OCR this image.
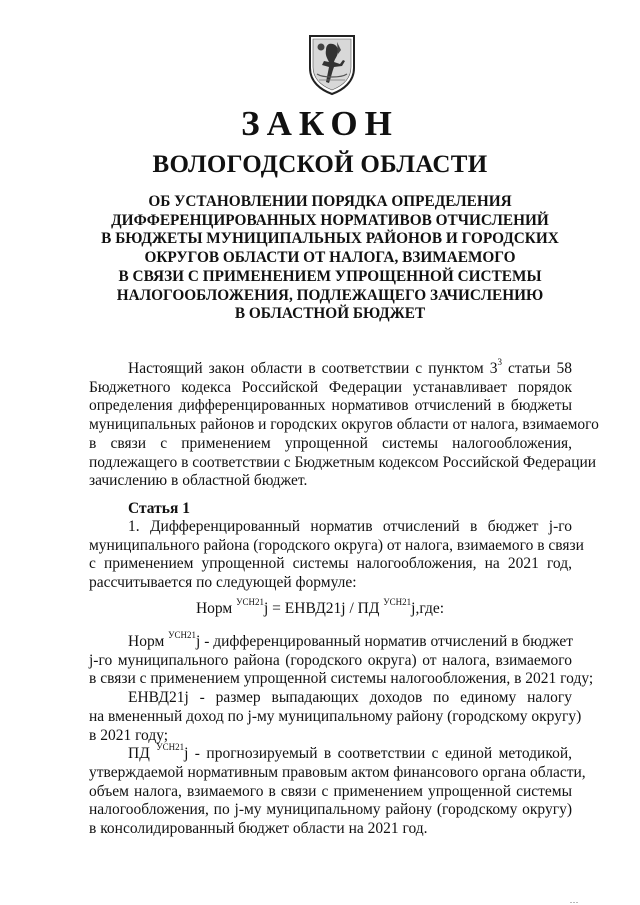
ЗАКОН
ВОЛОГОДСКОЙ ОБЛАСТИ
ОБ УСТАНОВЛЕНИИ ПОРЯДКА ОПРЕДЕЛЕНИЯ
ДИФФЕРЕНЦИРОВАННЫХ НОРМАТИВОВ ОТЧИСЛЕНИЙ
В БЮДЖЕТЫ МУНИЦИПАЛЬНЫХ РАЙОНОВ И ГОРОДСКИХ
ОКРУГОВ ОБЛАСТИ ОТ НАЛОГА, ВЗИМАЕМОГО
В СВЯЗИ С ПРИМЕНЕНИЕМ УПРОЩЕННОЙ СИСТЕМЫ
НАЛОГООБЛОЖЕНИЯ, ПОДЛЕЖАЩЕГО ЗАЧИСЛЕНИЮ
В ОБЛАСТНОЙ БЮДЖЕТ
Настоящий закон области в соответствии с пунктом $3^3$ статьи 58
Бюджетного кодекса Российской Федерации устанавливает порядок
определения дифференцированных нормативов отчислений в бюджеты
муниципальных районов и городских округов области от налога, взимаемого
в связи с применением упрощенной системы налогообложения,
подлежащего в соответствии с Бюджетным кодексом Российской Федерации
зачислению в областной бюджет.
Статья 1
1. Дифференцированный норматив отчислений в бюджет j-го
муниципального района (городского округа) от налога, взимаемого в связи
с применением упрощенной системы налогообложения, на 2021 год,
рассчитывается по следующей формуле:
Норм $^{УСН21}$j = ЕНВД21j / ПД $^{УСН21}$j,где:
Норм $^{УСН21}$j - дифференцированный норматив отчислений в бюджет
j-го муниципального района (городского округа) от налога, взимаемого
в связи с применением упрощенной системы налогообложения, в 2021 году;
ЕНВД21j - размер выпадающих доходов по единому налогу
на вмененный доход по j-му муниципальному району (городскому округу)
в 2021 году;
ПД $^{УСН21}$j - прогнозируемый в соответствии с единой методикой,
утверждаемой нормативным правовым актом финансового органа области,
объем налога, взимаемого в связи с применением упрощенной системы
налогообложения, по j-му муниципальному району (городскому округу)
в консолидированный бюджет области на 2021 год.
...
